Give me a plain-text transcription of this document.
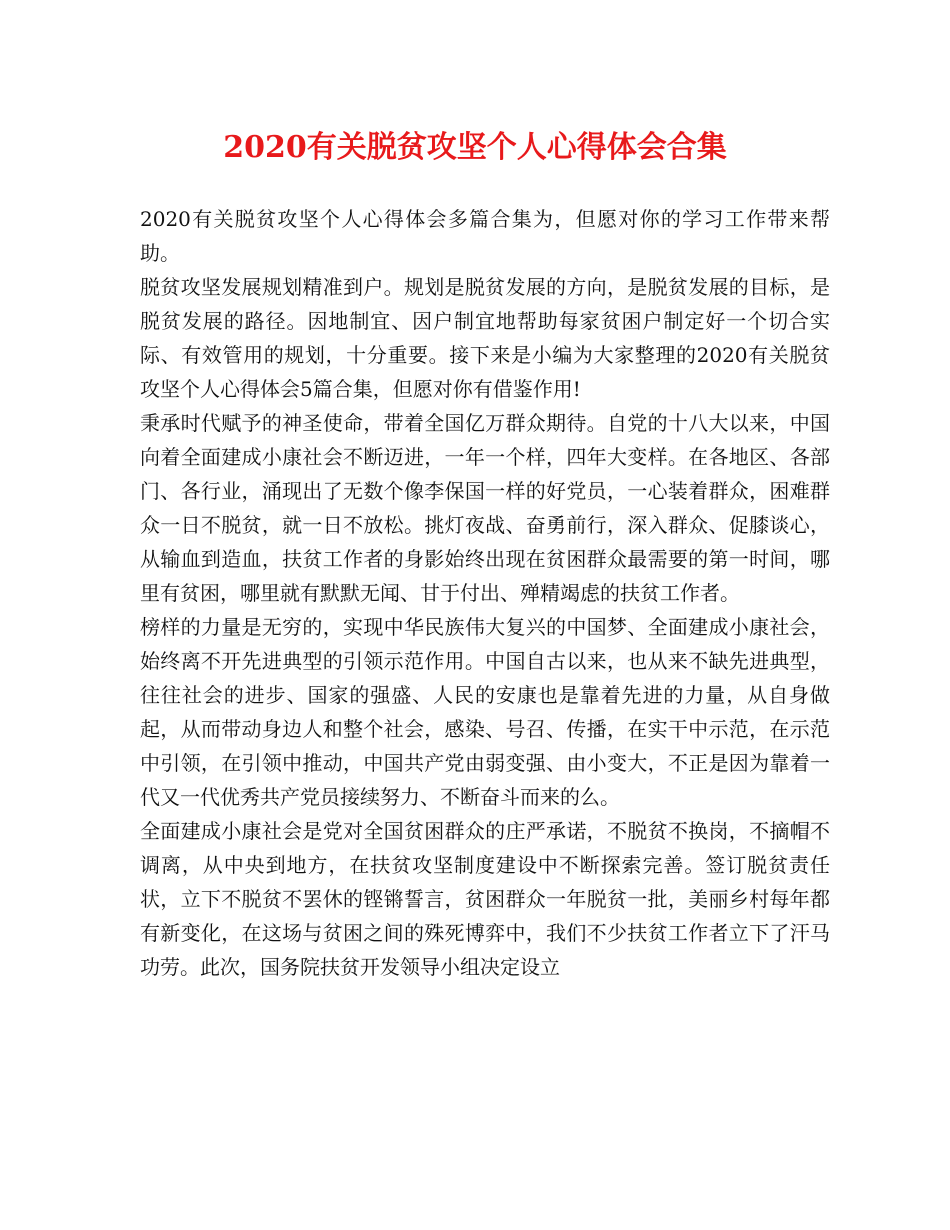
2020有关脱贫攻坚个人心得体会合集

2020有关脱贫攻坚个人心得体会多篇合集为，但愿对你的学习工作带来帮助。

脱贫攻坚发展规划精准到户。规划是脱贫发展的方向，是脱贫发展的目标，是脱贫发展的路径。因地制宜、因户制宜地帮助每家贫困户制定好一个切合实际、有效管用的规划，十分重要。接下来是小编为大家整理的2020有关脱贫攻坚个人心得体会5篇合集，但愿对你有借鉴作用!

秉承时代赋予的神圣使命，带着全国亿万群众期待。自党的十八大以来，中国向着全面建成小康社会不断迈进，一年一个样，四年大变样。在各地区、各部门、各行业，涌现出了无数个像李保国一样的好党员，一心装着群众，困难群众一日不脱贫，就一日不放松。挑灯夜战、奋勇前行，深入群众、促膝谈心，从输血到造血，扶贫工作者的身影始终出现在贫困群众最需要的第一时间，哪里有贫困，哪里就有默默无闻、甘于付出、殚精竭虑的扶贫工作者。

榜样的力量是无穷的，实现中华民族伟大复兴的中国梦、全面建成小康社会，始终离不开先进典型的引领示范作用。中国自古以来，也从来不缺先进典型，往往社会的进步、国家的强盛、人民的安康也是靠着先进的力量，从自身做起，从而带动身边人和整个社会，感染、号召、传播，在实干中示范，在示范中引领，在引领中推动，中国共产党由弱变强、由小变大，不正是因为靠着一代又一代优秀共产党员接续努力、不断奋斗而来的么。

全面建成小康社会是党对全国贫困群众的庄严承诺，不脱贫不换岗，不摘帽不调离，从中央到地方，在扶贫攻坚制度建设中不断探索完善。签订脱贫责任状，立下不脱贫不罢休的铿锵誓言，贫困群众一年脱贫一批，美丽乡村每年都有新变化，在这场与贫困之间的殊死博弈中，我们不少扶贫工作者立下了汗马功劳。此次，国务院扶贫开发领导小组决定设立
